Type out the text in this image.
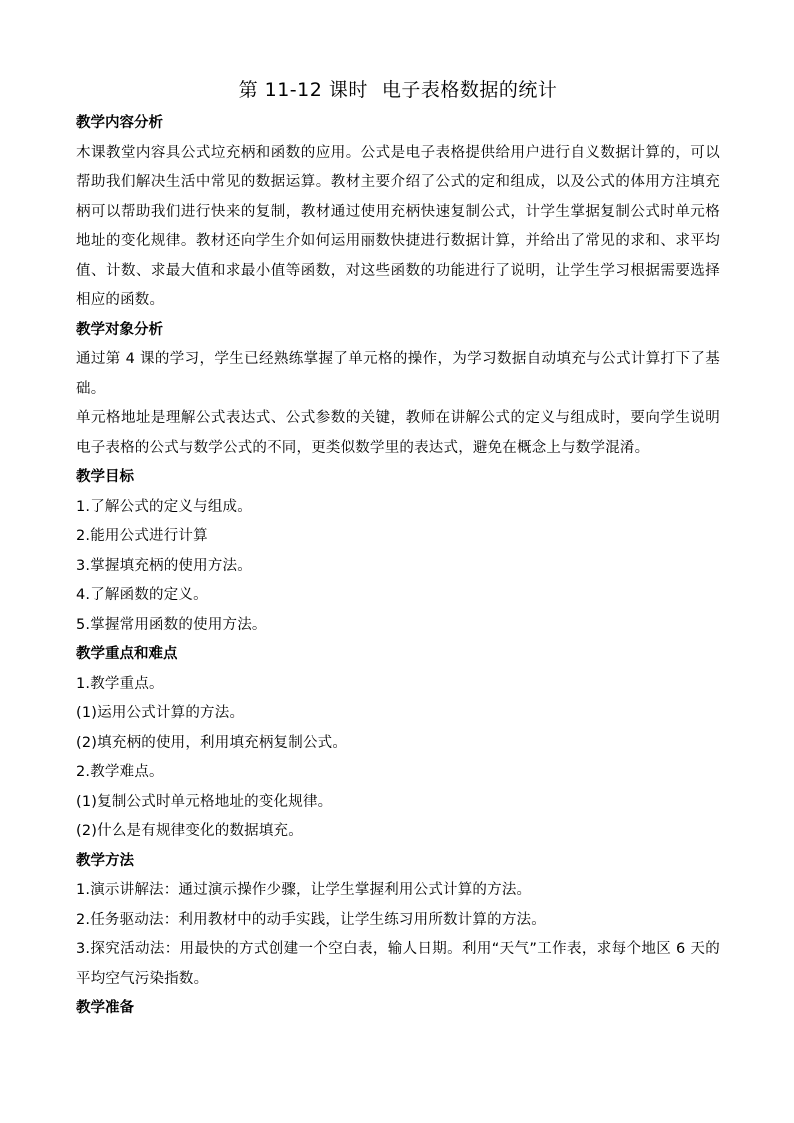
第 11-12 课时 电子表格数据的统计
教学内容分析

木课教堂内容具公式垃充柄和函数的应用。公式是电子表格提供给用户进行自义数据计算的，可以帮助我们解决生活中常见的数据运算。教材主要介绍了公式的定和组成，以及公式的体用方注填充柄可以帮助我们进行快来的复制，教材通过使用充柄快速复制公式，计学生掌据复制公式时单元格地址的变化规律。教材还向学生介如何运用丽数快捷进行数据计算，并给出了常见的求和、求平均值、计数、求最大值和求最小值等函数，对这些函数的功能进行了说明，让学生学习根据需要选择相应的函数。

教学对象分析

通过第 4 课的学习，学生已经熟练掌握了单元格的操作，为学习数据自动填充与公式计算打下了基础。

单元格地址是理解公式表达式、公式参数的关键，教师在讲解公式的定义与组成时，要向学生说明电子表格的公式与数学公式的不同，更类似数学里的表达式，避免在概念上与数学混淆。

教学目标
1.了解公式的定义与组成。
2.能用公式进行计算
3.掌握填充柄的使用方法。
4.了解函数的定义。
5.掌握常用函数的使用方法。
教学重点和难点
1.教学重点。
(1)运用公式计算的方法。
(2)填充柄的使用，利用填充柄复制公式。
2.教学难点。
(1)复制公式时单元格地址的变化规律。
(2)什么是有规律变化的数据填充。
教学方法
1.演示讲解法：通过演示操作少骤，让学生掌握利用公式计算的方法。
2.任务驱动法：利用教材中的动手实践，让学生练习用所数计算的方法。

3.探究活动法：用最快的方式创建一个空白表，输人日期。利用“天气”工作表，求每个地区 6 天的平均空气污染指数。

教学准备
